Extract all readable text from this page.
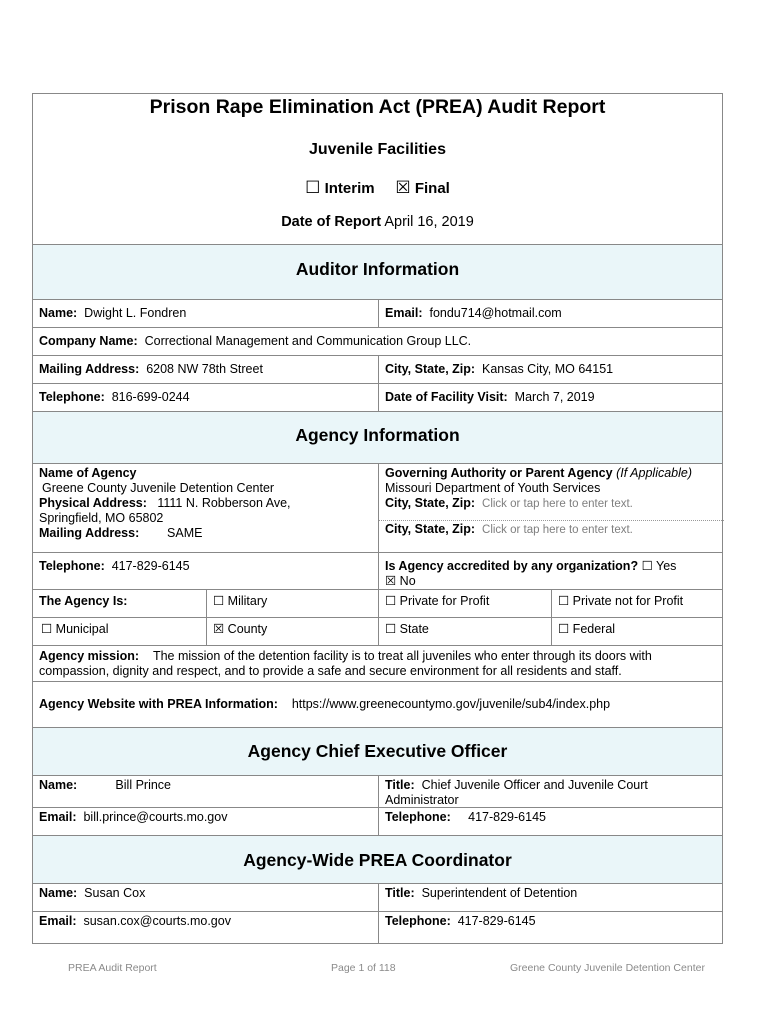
Prison Rape Elimination Act (PREA) Audit Report
Juvenile Facilities
☐ Interim ☒ Final
Date of Report April 16, 2019
Auditor Information
Name: Dwight L. Fondren	Email: fondu714@hotmail.com
Company Name: Correctional Management and Communication Group LLC.
Mailing Address: 6208 NW 78th Street	City, State, Zip: Kansas City, MO 64151
Telephone: 816-699-0244	Date of Facility Visit: March 7, 2019
Agency Information
Name of Agency
Greene County Juvenile Detention Center
Physical Address: 1111 N. Robberson Ave,
Springfield, MO 65802
Mailing Address: SAME
Governing Authority or Parent Agency (If Applicable)
Missouri Department of Youth Services
City, State, Zip: Click or tap here to enter text.
City, State, Zip: Click or tap here to enter text.
Telephone: 417-829-6145	Is Agency accredited by any organization? ☐ Yes
☒ No
The Agency Is:	☐ Military	☐ Private for Profit	☐ Private not for Profit
☐ Municipal	☒ County	☐ State	☐ Federal
Agency mission: The mission of the detention facility is to treat all juveniles who enter through its doors with
compassion, dignity and respect, and to provide a safe and secure environment for all residents and staff.
Agency Website with PREA Information: https://www.greenecountymo.gov/juvenile/sub4/index.php
Agency Chief Executive Officer
Name:	Bill Prince	Title: Chief Juvenile Officer and Juvenile Court
Administrator
Email: bill.prince@courts.mo.gov	Telephone: 417-829-6145
Agency-Wide PREA Coordinator
Name: Susan Cox	Title: Superintendent of Detention
Email: susan.cox@courts.mo.gov	Telephone: 417-829-6145
PREA Audit Report	Page 1 of 118	Greene County Juvenile Detention Center
